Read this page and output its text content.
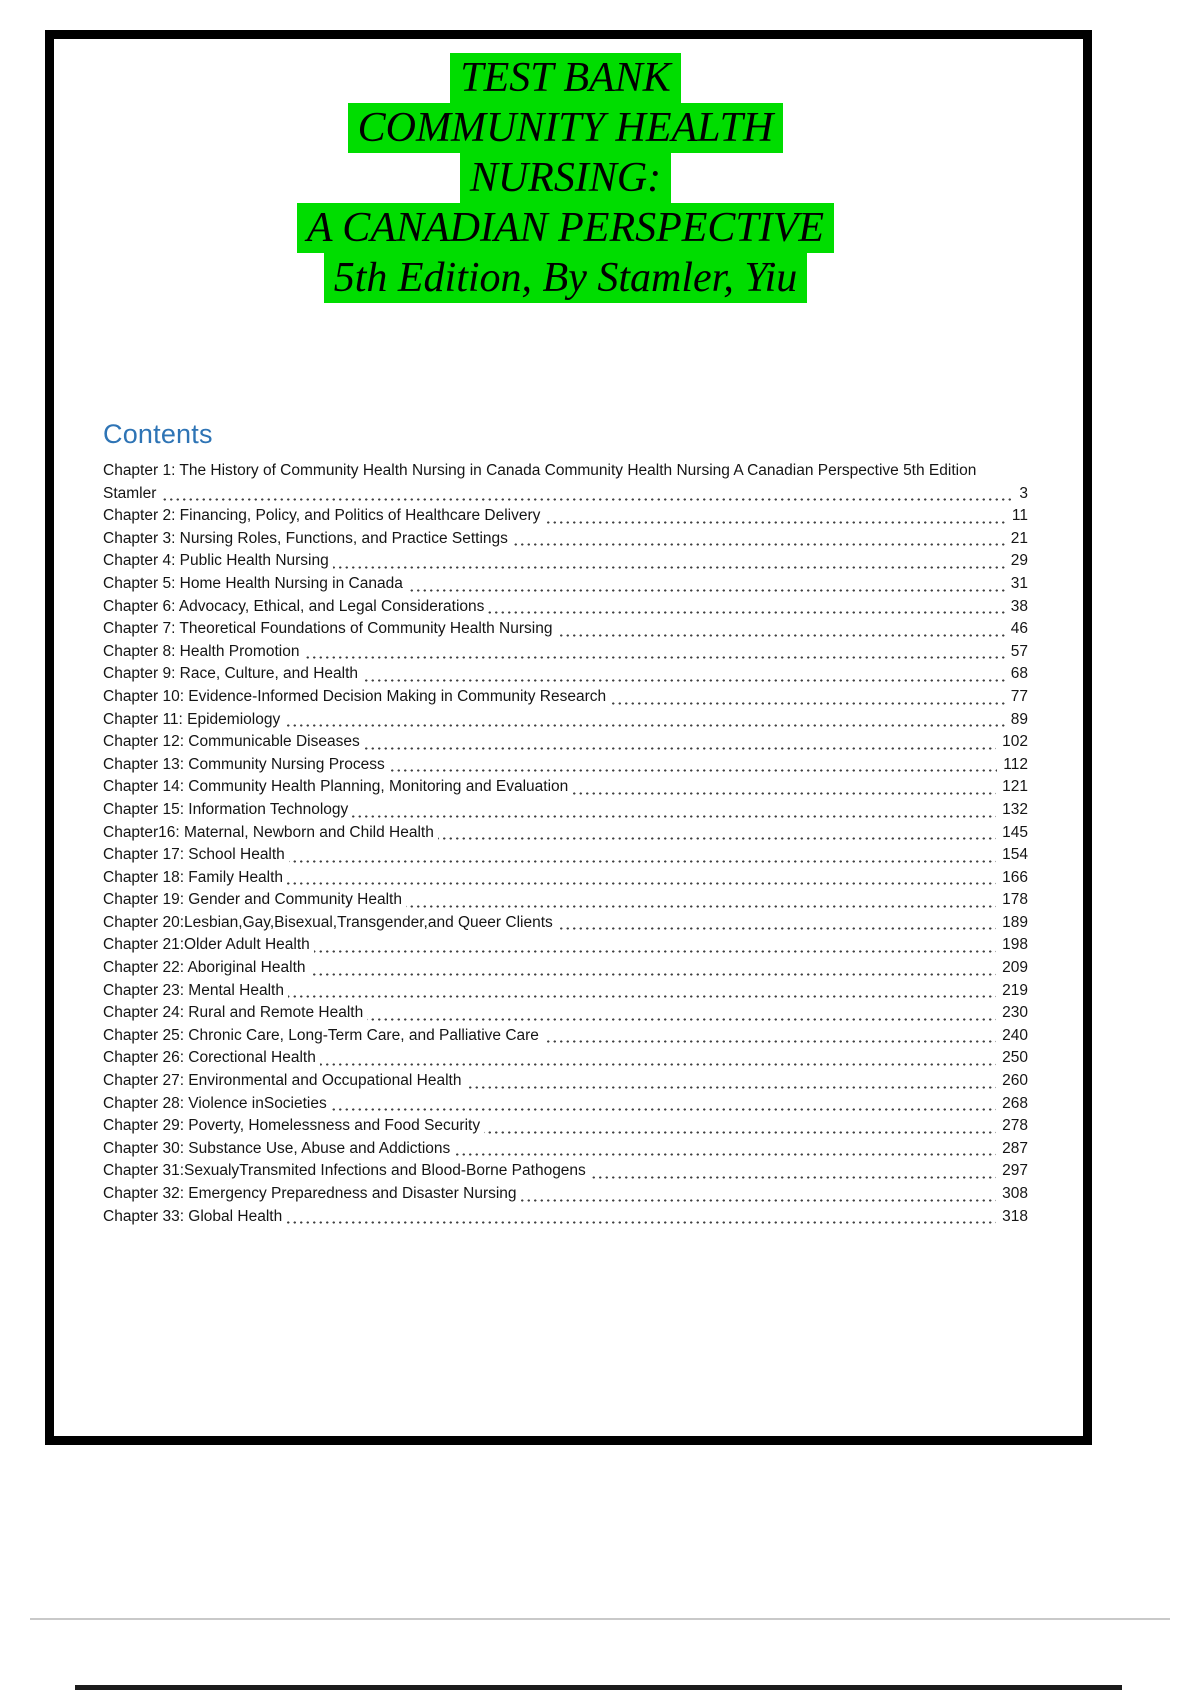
TEST BANK
COMMUNITY HEALTH
NURSING:
A CANADIAN PERSPECTIVE
5th Edition, By Stamler, Yiu
Contents
Chapter 1: The History of Community Health Nursing in Canada Community Health Nursing A Canadian Perspective 5th Edition Stamler	3
Chapter 2: Financing, Policy, and Politics of Healthcare Delivery	11
Chapter 3: Nursing Roles, Functions, and Practice Settings	21
Chapter 4: Public Health Nursing	29
Chapter 5: Home Health Nursing in Canada	31
Chapter 6: Advocacy, Ethical, and Legal Considerations	38
Chapter 7: Theoretical Foundations of Community Health Nursing	46
Chapter 8: Health Promotion	57
Chapter 9: Race, Culture, and Health	68
Chapter 10: Evidence-Informed Decision Making in Community Research	77
Chapter 11: Epidemiology	89
Chapter 12: Communicable Diseases	102
Chapter 13: Community Nursing Process	112
Chapter 14: Community Health Planning, Monitoring and Evaluation	121
Chapter 15: Information Technology	132
Chapter16: Maternal, Newborn and Child Health	145
Chapter 17: School Health	154
Chapter 18: Family Health	166
Chapter 19: Gender and Community Health	178
Chapter 20:Lesbian,Gay,Bisexual,Transgender,and Queer Clients	189
Chapter 21:Older Adult Health	198
Chapter 22: Aboriginal Health	209
Chapter 23: Mental Health	219
Chapter 24: Rural and Remote Health	230
Chapter 25: Chronic Care, Long-Term Care, and Palliative Care	240
Chapter 26: Corectional Health	250
Chapter 27: Environmental and Occupational Health	260
Chapter 28: Violence inSocieties	268
Chapter 29: Poverty, Homelessness and Food Security	278
Chapter 30: Substance Use, Abuse and Addictions	287
Chapter 31:SexualyTransmited Infections and Blood-Borne Pathogens	297
Chapter 32: Emergency Preparedness and Disaster Nursing	308
Chapter 33: Global Health	318
